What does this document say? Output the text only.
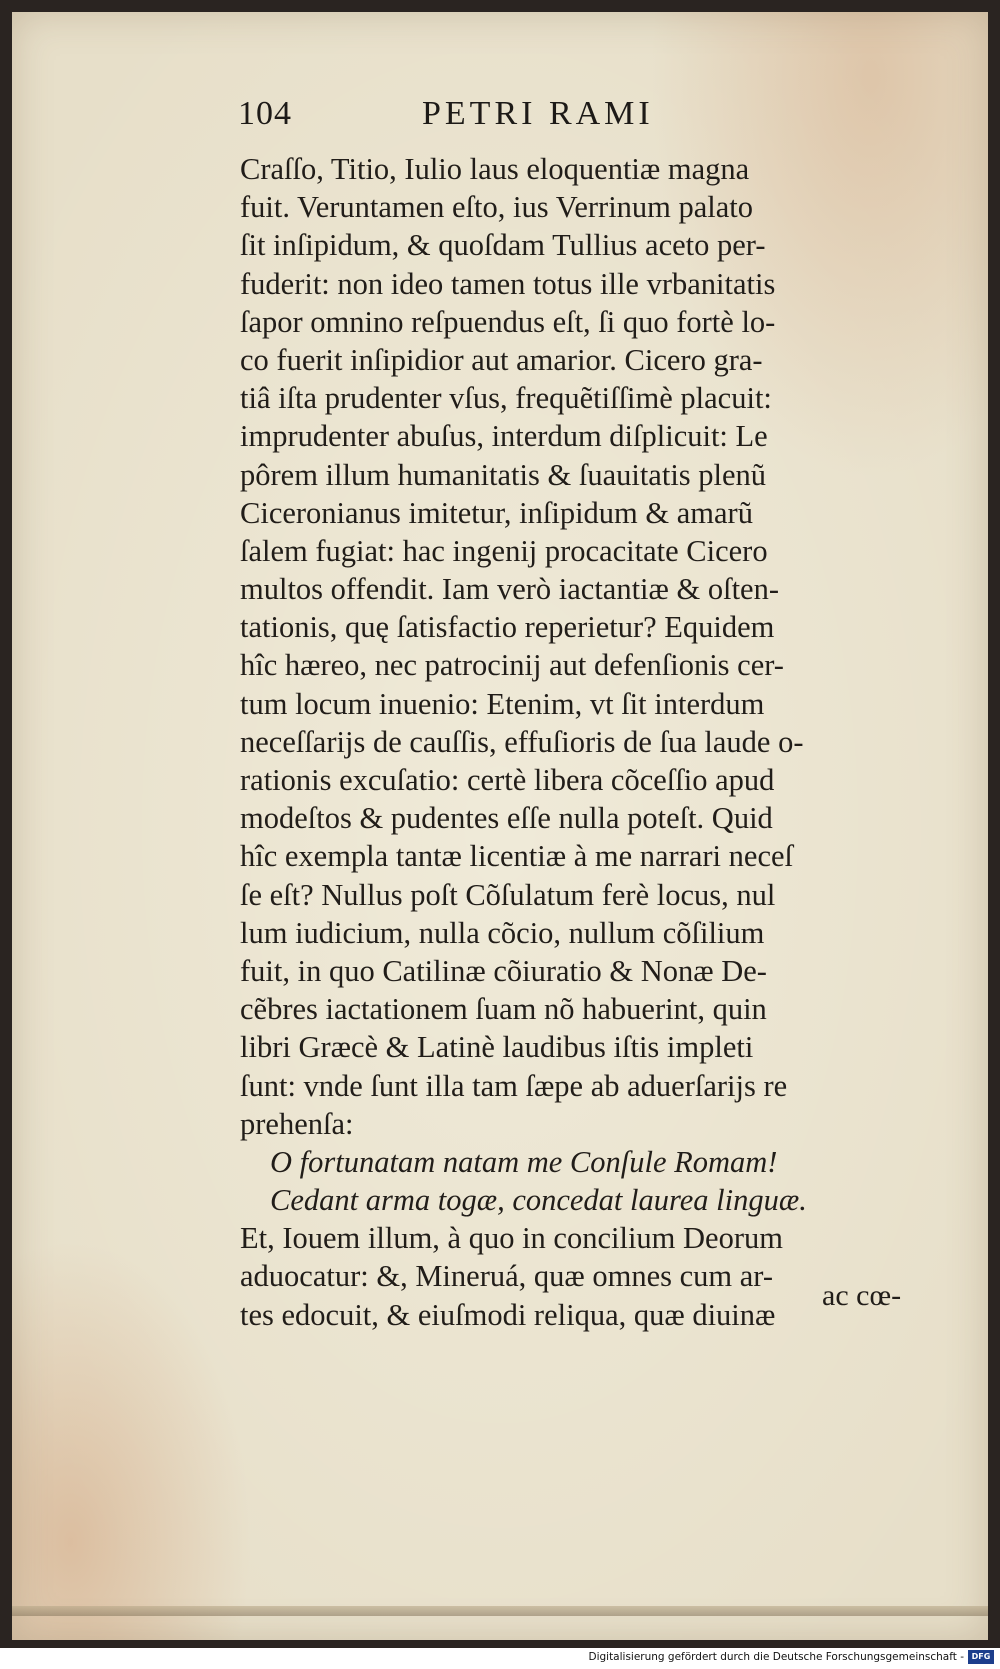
104	PETRI RAMI
Craſſo, Titio, Iulio laus eloquentiæ magna
fuit. Veruntamen eſto, ius Verrinum palato
ſit inſipidum, & quoſdam Tullius aceto per-
fuderit: non ideo tamen totus ille vrbanitatis
ſapor omnino reſpuendus eſt, ſi quo fortè lo-
co fuerit inſipidior aut amarior. Cicero gra-
tiâ iſta prudenter vſus, frequẽtiſſimè placuit:
imprudenter abuſus, interdum diſplicuit: Le
pôrem illum humanitatis & ſuauitatis plenũ
Ciceronianus imitetur, inſipidum & amarũ
ſalem fugiat: hac ingenij procacitate Cicero
multos offendit. Iam verò iactantiæ & oſten-
tationis, quę ſatisfactio reperietur? Equidem
hîc hæreo, nec patrocinij aut defenſionis cer-
tum locum inuenio: Etenim, vt ſit interdum
neceſſarijs de cauſſis, effuſioris de ſua laude o-
rationis excuſatio: certè libera cõceſſio apud
modeſtos & pudentes eſſe nulla poteſt. Quid
hîc exempla tantæ licentiæ à me narrari neceſ
ſe eſt? Nullus poſt Cõſulatum ferè locus, nul
lum iudicium, nulla cõcio, nullum cõſilium
fuit, in quo Catilinæ cõiuratio & Nonæ De-
cẽbres iactationem ſuam nõ habuerint, quin
libri Græcè & Latinè laudibus iſtis impleti
ſunt: vnde ſunt illa tam ſæpe ab aduerſarijs re
prehenſa:
O fortunatam natam me Conſule Romam!
Cedant arma togæ, concedat laurea linguæ.
Et, Iouem illum, à quo in concilium Deorum
aduocatur: &, Mineruá, quæ omnes cum ar-
tes edocuit, & eiuſmodi reliqua, quæ diuinæ
ac cœ-
Digitalisierung gefördert durch die Deutsche Forschungsgemeinschaft - DFG
